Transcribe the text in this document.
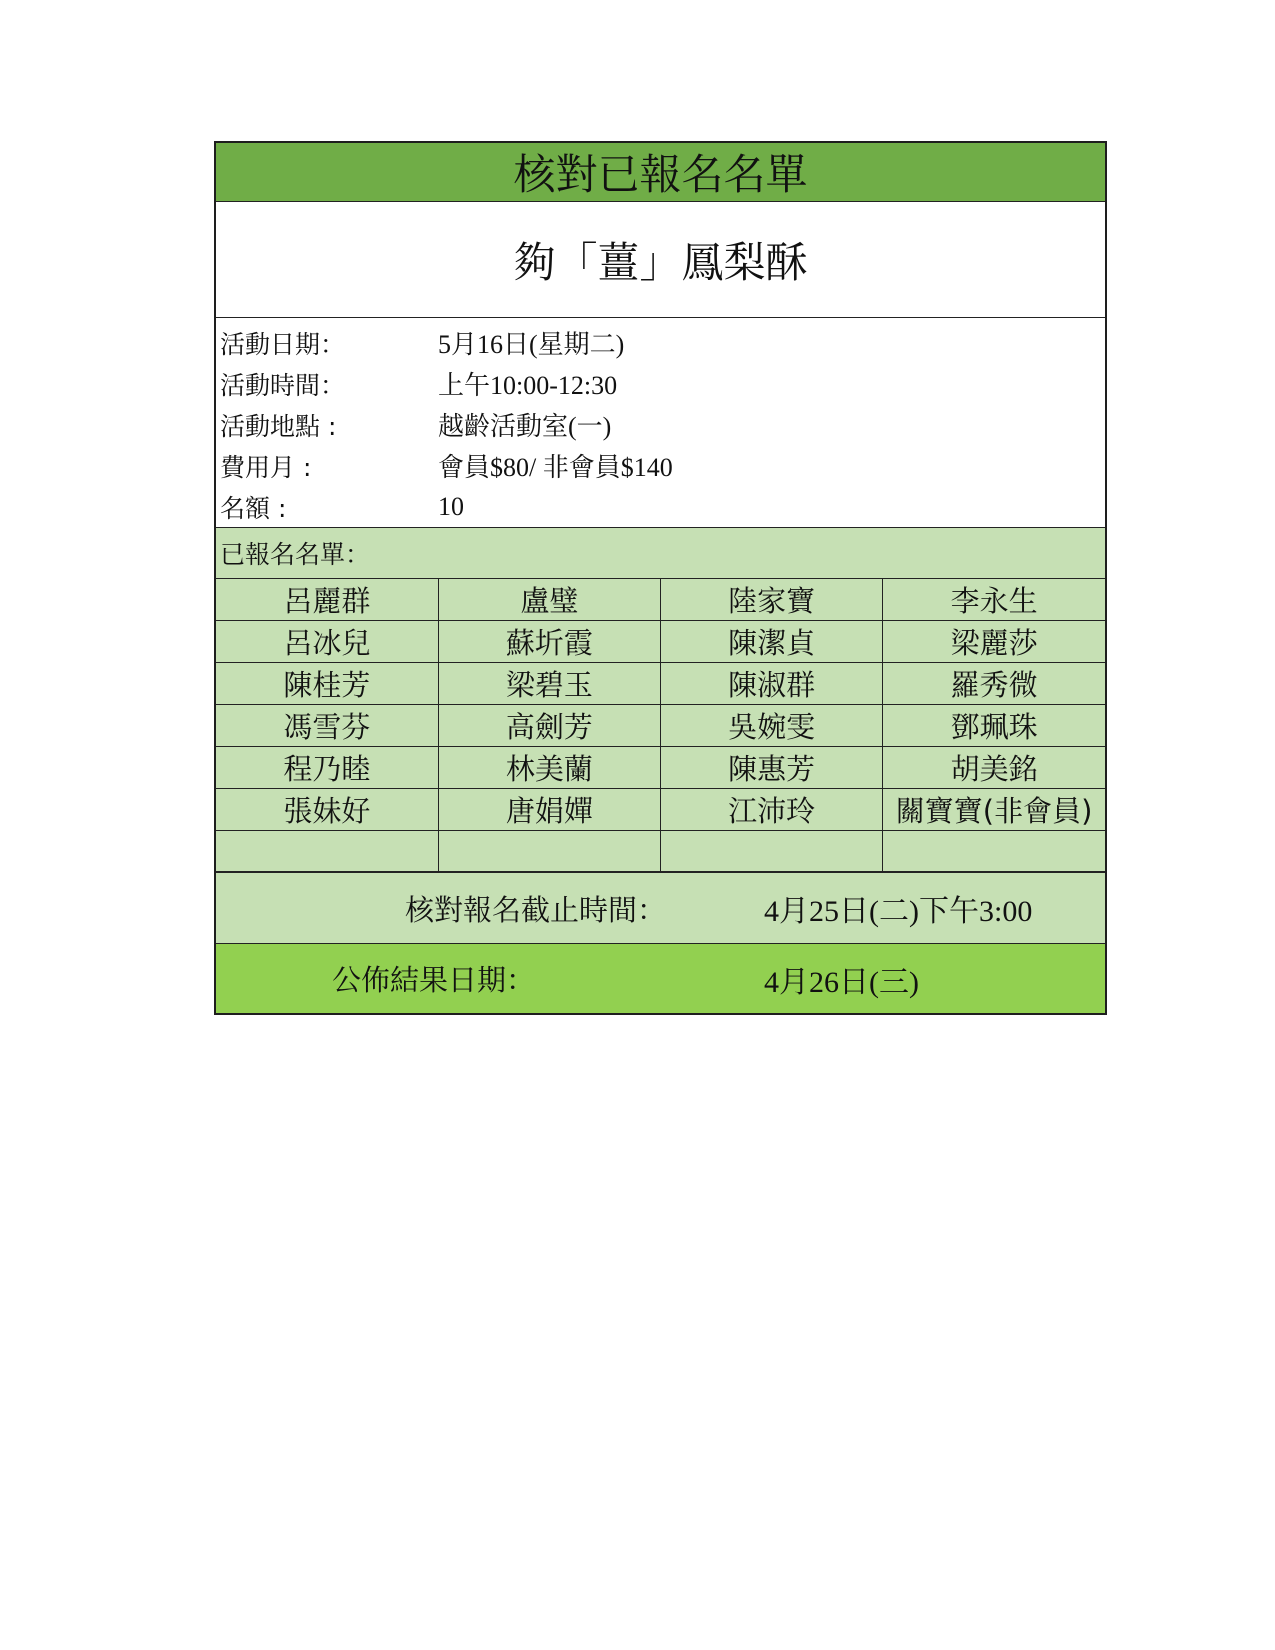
核對已報名名單
夠「薑」鳳梨酥
活動日期：	5月16日(星期二)
活動時間：	上午10:00-12:30
活動地點 :	越齡活動室(一)
費用月 :	會員$80/ 非會員$140
名額 :	10
已報名名單：
呂麗群	盧璧	陸家寶	李永生
呂冰兒	蘇圻霞	陳潔貞	梁麗莎
陳桂芳	梁碧玉	陳淑群	羅秀微
馮雪芬	高劍芳	吳婉雯	鄧珮珠
程乃睦	林美蘭	陳惠芳	胡美銘
張妹好	唐娟嬋	江沛玲	關寶寶(非會員)

核對報名截止時間：	4月25日(二)下午3:00
公佈結果日期：	4月26日(三)
